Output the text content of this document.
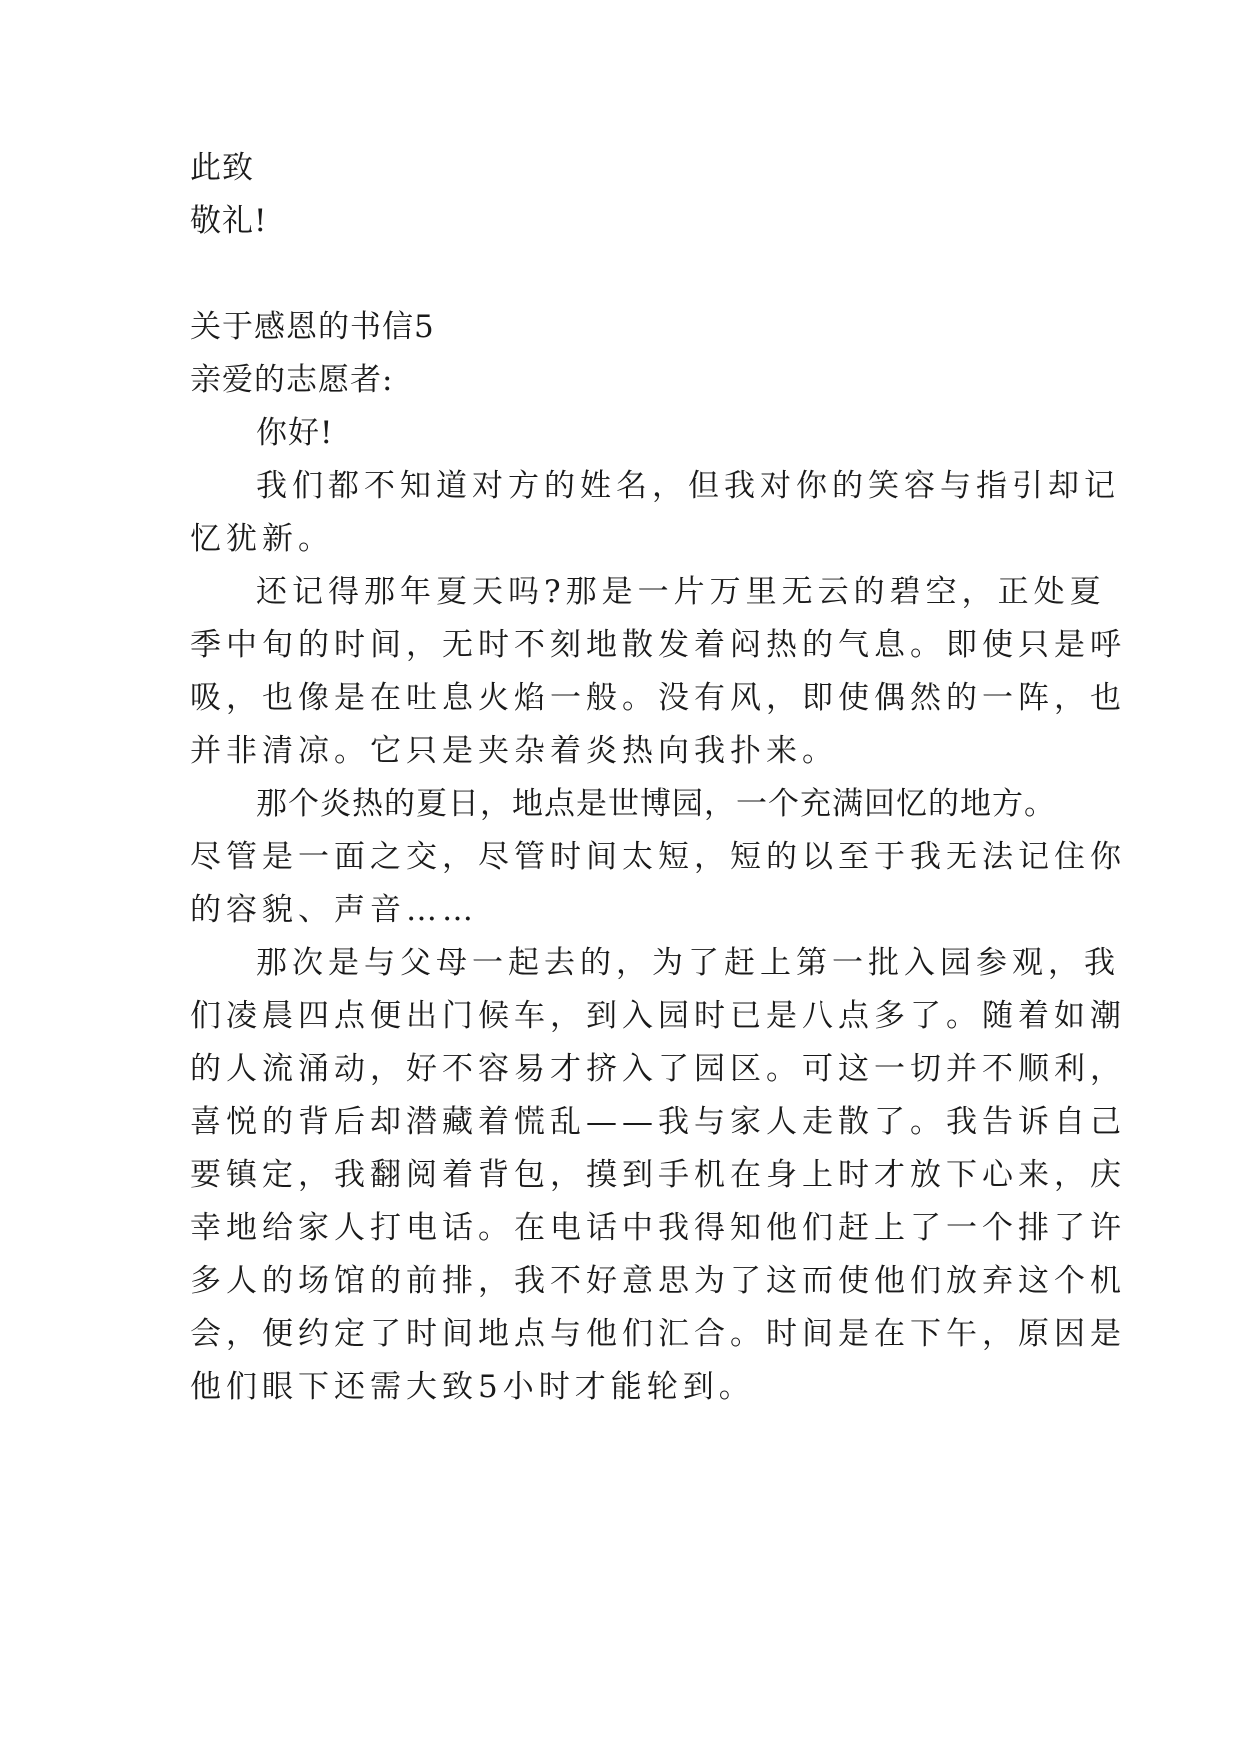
此致
敬礼!
关于感恩的书信5
亲爱的志愿者:
你好!
我们都不知道对方的姓名，但我对你的笑容与指引却记
忆犹新。
还记得那年夏天吗?那是一片万里无云的碧空，正处夏
季中旬的时间，无时不刻地散发着闷热的气息。即使只是呼
吸，也像是在吐息火焰一般。没有风，即使偶然的一阵，也
并非清凉。它只是夹杂着炎热向我扑来。
那个炎热的夏日，地点是世博园，一个充满回忆的地方。
尽管是一面之交，尽管时间太短，短的以至于我无法记住你
的容貌、声音……
那次是与父母一起去的，为了赶上第一批入园参观，我
们凌晨四点便出门候车，到入园时已是八点多了。随着如潮
的人流涌动，好不容易才挤入了园区。可这一切并不顺利，
喜悦的背后却潜藏着慌乱——我与家人走散了。我告诉自己
要镇定，我翻阅着背包，摸到手机在身上时才放下心来，庆
幸地给家人打电话。在电话中我得知他们赶上了一个排了许
多人的场馆的前排，我不好意思为了这而使他们放弃这个机
会，便约定了时间地点与他们汇合。时间是在下午，原因是
他们眼下还需大致5小时才能轮到。
